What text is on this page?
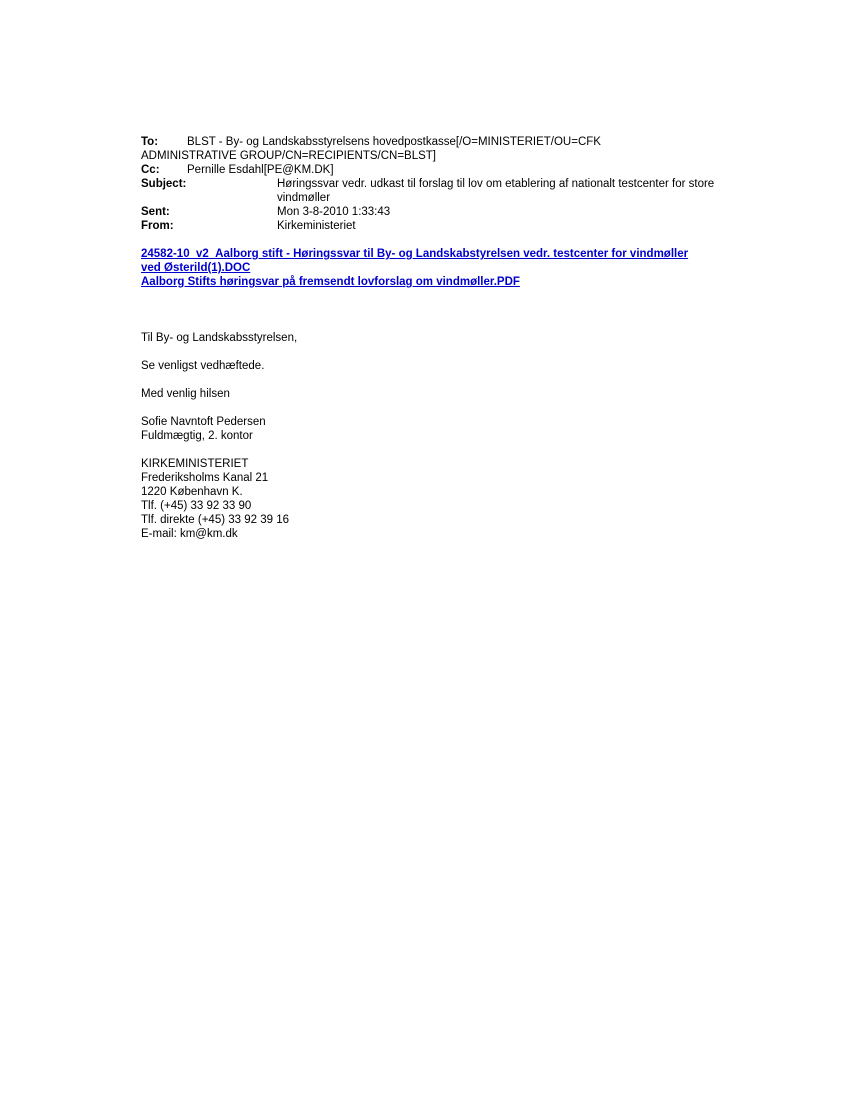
To:	BLST - By- og Landskabsstyrelsens hovedpostkasse[/O=MINISTERIET/OU=CFK
ADMINISTRATIVE GROUP/CN=RECIPIENTS/CN=BLST]
Cc: Pernille Esdahl[PE@KM.DK]
Subject:	Høringssvar vedr. udkast til forslag til lov om etablering af nationalt testcenter for store vindmøller
Sent:	Mon 3-8-2010 1:33:43
From:	Kirkeministeriet
24582-10_v2_Aalborg stift - Høringssvar til By- og Landskabstyrelsen vedr. testcenter for vindmøller ved Østerild(1).DOC
Aalborg Stifts høringsvar på fremsendt lovforslag om vindmøller.PDF
Til By- og Landskabsstyrelsen,
Se venligst vedhæftede.
Med venlig hilsen
Sofie Navntoft Pedersen
Fuldmægtig, 2. kontor
KIRKEMINISTERIET
Frederiksholms Kanal 21
1220 København K.
Tlf. (+45) 33 92 33 90
Tlf. direkte (+45) 33 92 39 16
E-mail: km@km.dk
